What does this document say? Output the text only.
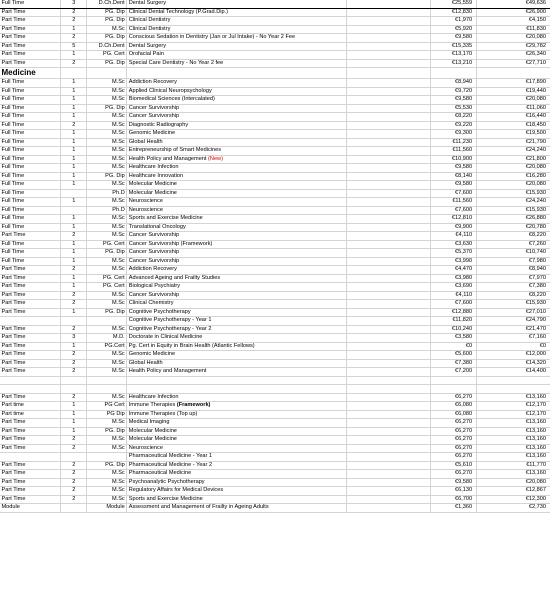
Full Time	3	D.Ch.Dent	Dental Surgery		€25,559	€49,636
Part Time	2	PG. Dip	Clinical Dental Technology (P.Grad.Dip.)		€12,830	€26,900
Part Time	2	PG. Dip	Clinical Dentistry		€1,970	€4,150
Part Time	1	M.Sc	Clinical Dentistry		€5,920	€11,830
Part Time	2	PG. Dip	Conscious Sedation in Dentistry (Jan or Jul Intake) - No Year 2 Fee		€9,580	€20,080
Part Time	5	D.Ch.Dent	Dental Surgery		€15,335	€29,782
Part Time	1	PG. Cert	Orofacial Pain		€13,170	€26,340
Part Time	2	PG. Dip	Special Care Dentistry - No Year 2 fee		€13,210	€27,710
Medicine						
Full Time	1	M.Sc	Addiction Recovery		€8,940	€17,890
Full Time	1	M.Sc	Applied Clinical Neuropsychology		€9,720	€19,440
Full Time	1	M.Sc	Biomedical Sciences (Intercalated)		€9,580	€20,080
Full Time	1	PG. Dip	Cancer Survivorship		€5,530	€11,060
Full Time	1	M.Sc	Cancer Survivorship		€8,220	€16,440
Full Time	2	M.Sc	Diagnostic Radiography		€9,220	€18,450
Full Time	1	M.Sc	Genomic Medicine		€9,300	€19,500
Full Time	1	M.Sc	Global Health		€11,230	€21,790
Full Time	1	M.Sc	Entrepreneurship of Smart Medicines		€11,560	€24,240
Full Time	1	M.Sc	Health Policy and Management (New)		€10,900	€21,800
Full Time	1	M.Sc	Healthcare Infection		€9,580	€20,080
Full Time	1	PG. Dip	Healthcare Innovation		€8,140	€16,280
Full Time	1	M.Sc	Molecular Medicine		€9,580	€20,080
Full Time		Ph.D	Molecular Medicine		€7,600	€15,930
Full Time	1	M.Sc	Neuroscience		€11,560	€24,240
Full Time		Ph.D	Neuroscience		€7,600	€15,930
Full Time	1	M.Sc	Sports and Exercise Medicine		€12,810	€26,880
Full Time	1	M.Sc	Translational Oncology		€9,900	€20,780
Part Time	2	M.Sc	Cancer Survivorship		€4,110	€8,220
Full Time	1	PG. Cert	Cancer Survivorship (Framework)		€3,630	€7,260
Full Time	1	PG. Dip	Cancer Survivorship		€5,370	€10,740
Full Time	1	M.Sc	Cancer Survivorship		€3,990	€7,980
Part Time	2	M.Sc	Addiction Recovery		€4,470	€8,940
Part Time	1	PG. Cert	Advanced Ageing and Frailty Studies		€3,980	€7,970
Part Time	1	PG. Cert	Biological Psychiatry		€3,690	€7,380
Part Time	2	M.Sc	Cancer Survivorship		€4,110	€8,220
Part Time	2	M.Sc	Clinical Chemistry		€7,600	€15,930
Part Time	1	PG. Dip	Cognitive Psychotherapy		€12,880	€27,010
			Cognitive Psychotherapy - Year 1		€11,820	€24,790
Part Time	2	M.Sc	Cognitive Psychotherapy - Year 2		€10,240	€21,470
Part Time	3	M.D.	Doctorate in Clinical Medicine		€3,580	€7,160
Part Time	1	PG.Cert	Pg. Cert in Equity in Brain Health (Atlantic Fellows)		€0	€0
Part Time	2	M.Sc	Genomic Medicine		€5,600	€12,000
Part Time	2	M.Sc	Global Health		€7,380	€14,320
Part Time	2	M.Sc	Health Policy and Management		€7,200	€14,400

Part Time	2	M.Sc	Healthcare Infection		€6,270	€13,160
Part time	1	PG Cert	Immune Therapies (Framework)		€6,080	€12,170
Part time	1	PG Dip	Immune Therapies (Top up)		€6,080	€12,170
Part Time	1	M.Sc	Medical Imaging		€6,270	€13,160
Part Time	1	PG. Dip	Molecular Medicine		€6,270	€13,160
Part Time	2	M.Sc	Molecular Medicine		€6,270	€13,160
Part Time	2	M.Sc	Neuroscience		€6,270	€13,160
			Pharmaceutical Medicine - Year 1		€6,270	€13,160
Part Time	2	PG. Dip	Pharmaceutical Medicine - Year 2		€5,610	€11,770
Part Time	2	M.Sc	Pharmaceutical Medicine		€6,270	€13,160
Part Time	2	M.Sc	Psychoanalytic Psychotherapy		€9,580	€20,080
Part Time	2	M.Sc	Regulatory Affairs for Medical Devices		€6,130	€12,867
Part Time	2	M.Sc	Sports and Exercise Medicine		€6,700	€12,300
Module		Module	Assessment and Management of Frailty in Ageing Adults		€1,360	€2,730
